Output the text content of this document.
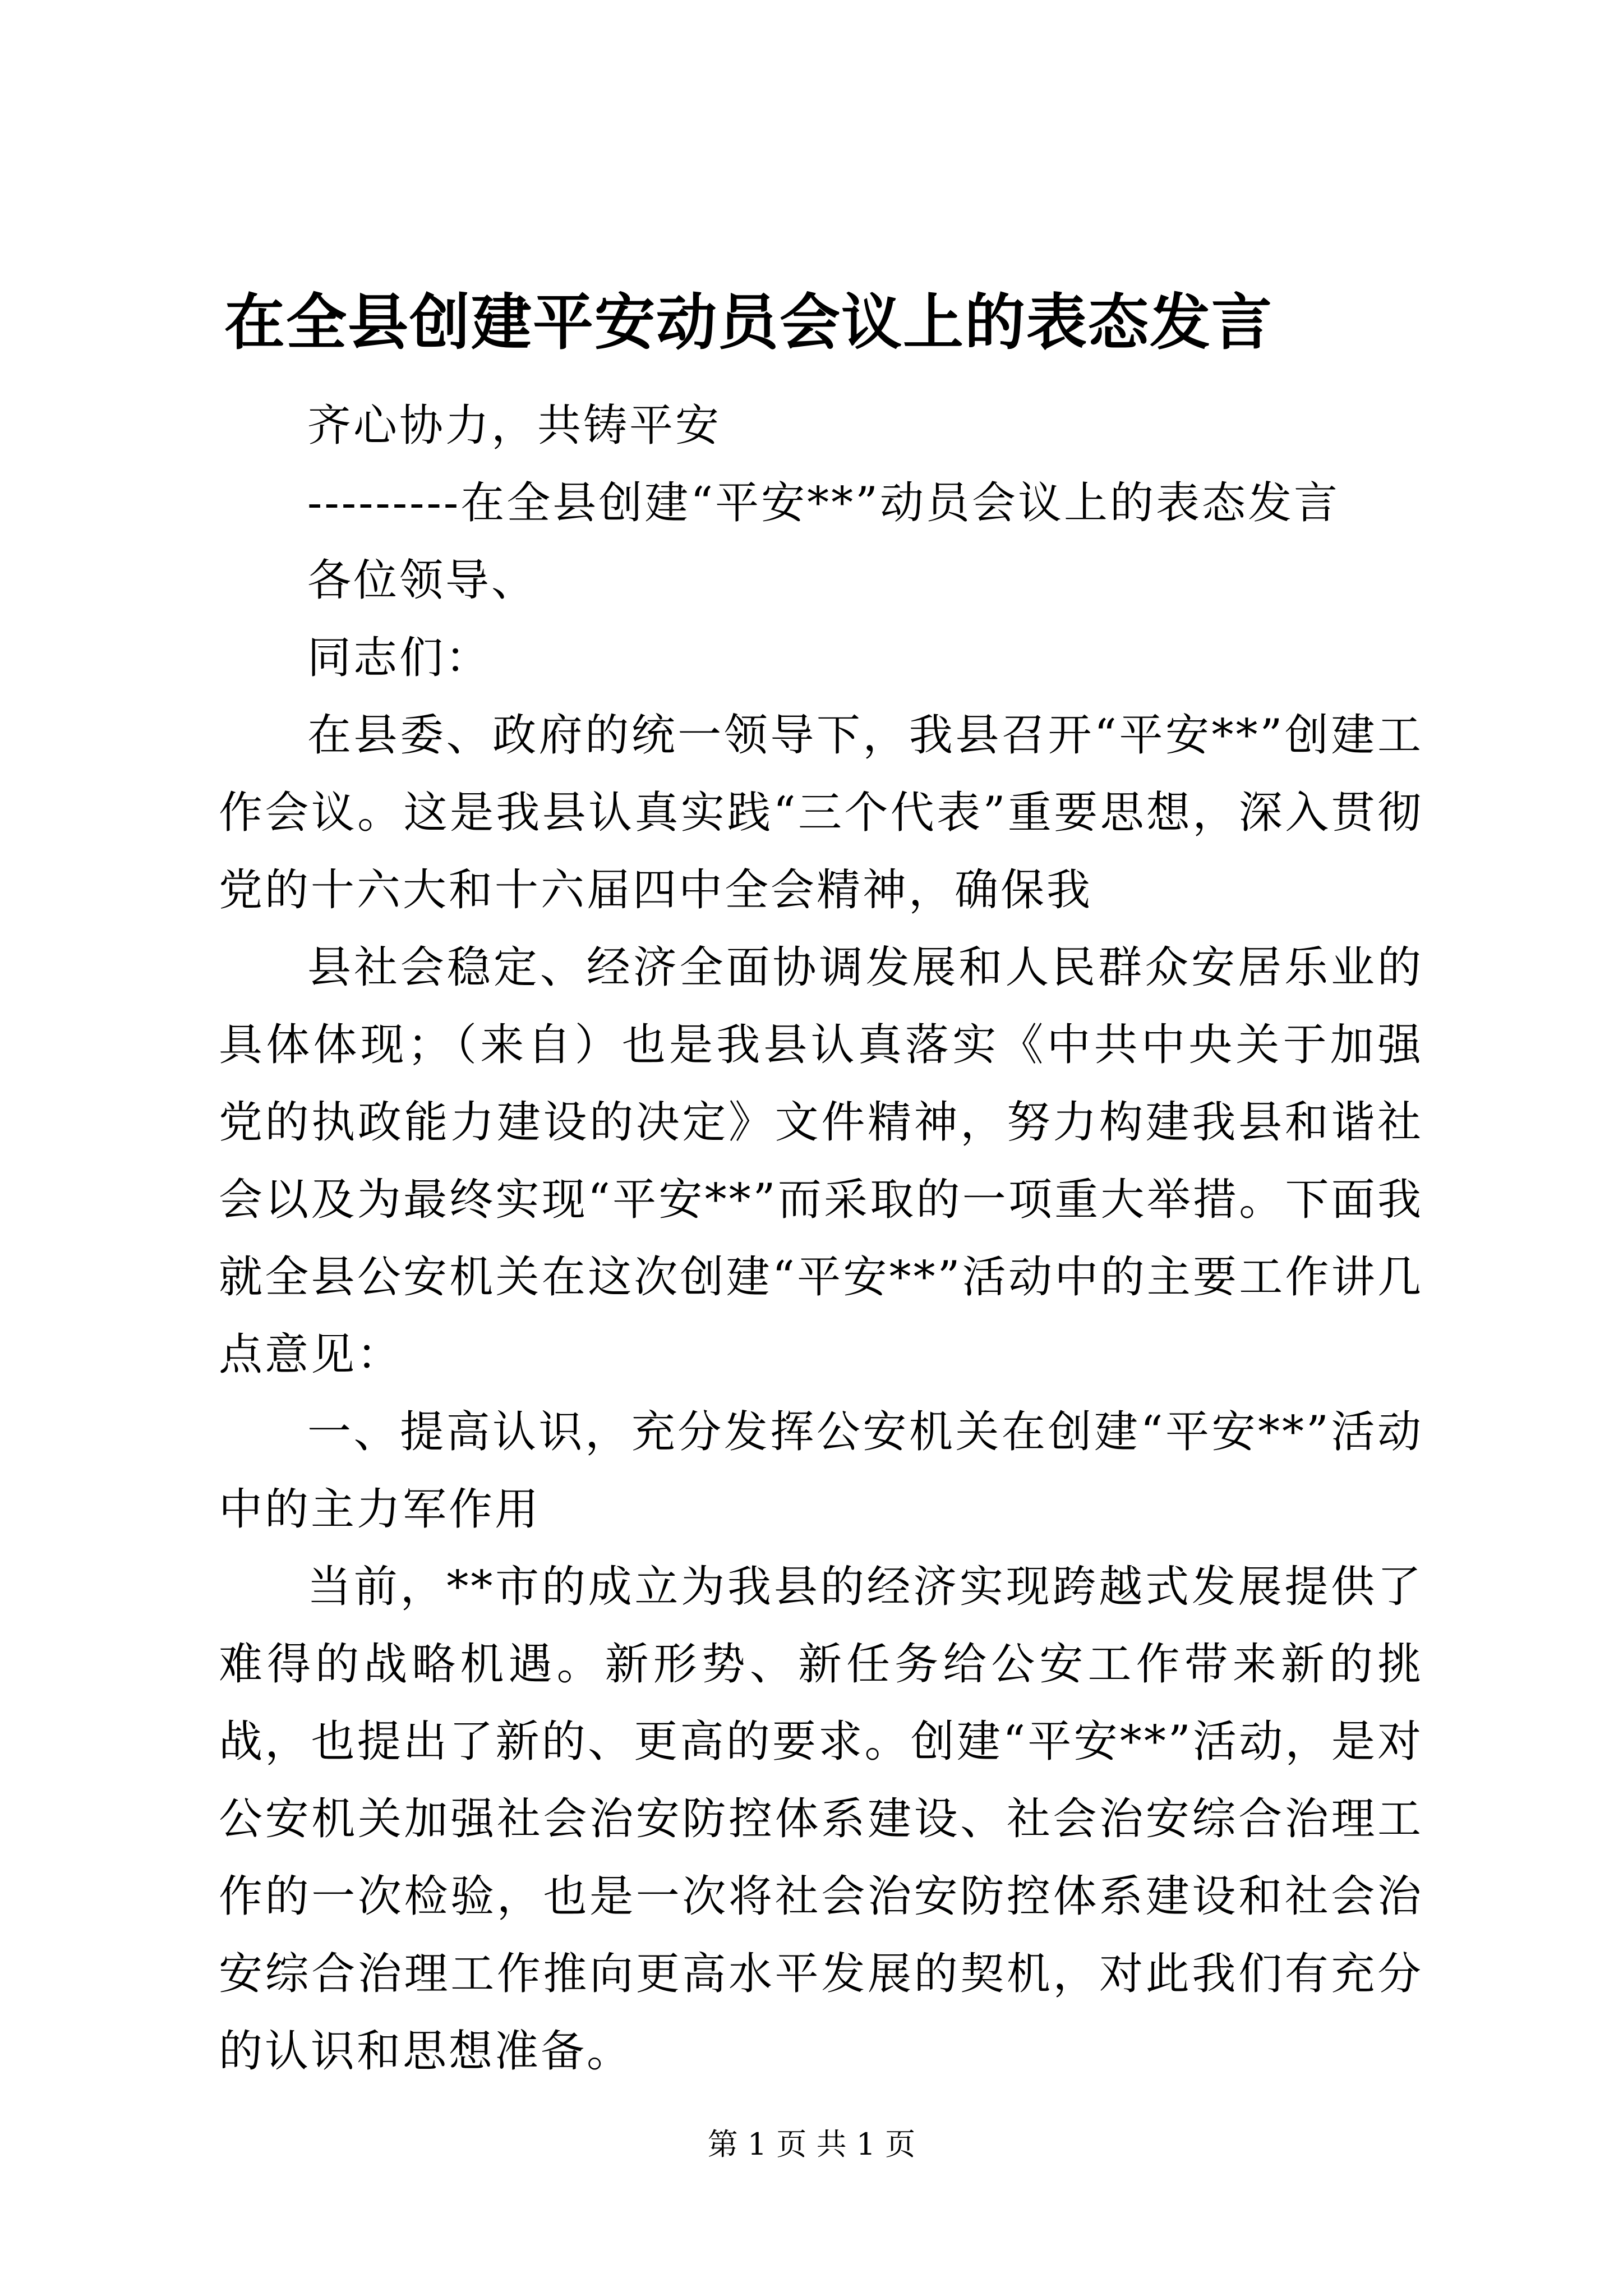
在全县创建平安动员会议上的表态发言

齐心协力，共铸平安

---------在全县创建“平安**”动员会议上的表态发言

各位领导、

同志们：

在县委、政府的统一领导下，我县召开“平安**”创建工作会议。这是我县认真实践“三个代表”重要思想，深入贯彻党的十六大和十六届四中全会精神，确保我

县社会稳定、经济全面协调发展和人民群众安居乐业的具体体现；（来自）也是我县认真落实《中共中央关于加强党的执政能力建设的决定》文件精神，努力构建我县和谐社会以及为最终实现“平安**”而采取的一项重大举措。下面我就全县公安机关在这次创建“平安**”活动中的主要工作讲几点意见：

一、提高认识，充分发挥公安机关在创建“平安**”活动中的主力军作用

当前，**市的成立为我县的经济实现跨越式发展提供了难得的战略机遇。新形势、新任务给公安工作带来新的挑战，也提出了新的、更高的要求。创建“平安**”活动，是对公安机关加强社会治安防控体系建设、社会治安综合治理工作的一次检验，也是一次将社会治安防控体系建设和社会治安综合治理工作推向更高水平发展的契机，对此我们有充分的认识和思想准备。

第 1 页 共 1 页
